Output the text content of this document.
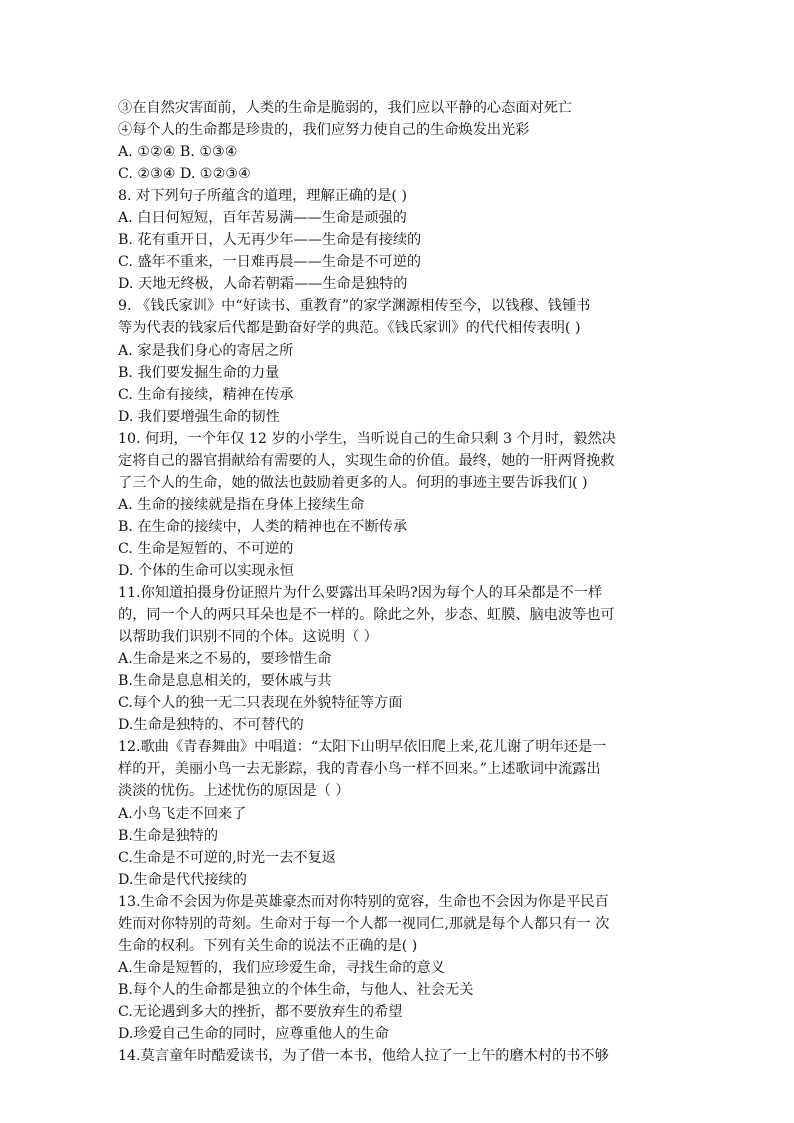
③在自然灾害面前，人类的生命是脆弱的，我们应以平静的心态面对死亡
④每个人的生命都是珍贵的，我们应努力使自己的生命焕发出光彩
A. ①②④ B. ①③④
C. ②③④ D. ①②③④
8. 对下列句子所蕴含的道理，理解正确的是( )
A. 白日何短短，百年苦易满——生命是顽强的
B. 花有重开日，人无再少年——生命是有接续的
C. 盛年不重来，一日难再晨——生命是不可逆的
D. 天地无终极，人命若朝霜——生命是独特的
9. 《钱氏家训》中“好读书、重教育”的家学渊源相传至今，以钱穆、钱锺书
等为代表的钱家后代都是勤奋好学的典范。《钱氏家训》的代代相传表明( )
A. 家是我们身心的寄居之所
B. 我们要发掘生命的力量
C. 生命有接续，精神在传承
D. 我们要增强生命的韧性
10. 何玥，一个年仅 12 岁的小学生，当听说自己的生命只剩 3 个月时，毅然决
定将自己的器官捐献给有需要的人，实现生命的价值。最终，她的一肝两肾挽救
了三个人的生命，她的做法也鼓励着更多的人。何玥的事迹主要告诉我们( )
A. 生命的接续就是指在身体上接续生命
B. 在生命的接续中，人类的精神也在不断传承
C. 生命是短暂的、不可逆的
D. 个体的生命可以实现永恒
11.你知道拍摄身份证照片为什么要露出耳朵吗?因为每个人的耳朵都是不一样
的，同一个人的两只耳朵也是不一样的。除此之外，步态、虹膜、脑电波等也可
以帮助我们识别不同的个体。这说明（ ）
A.生命是来之不易的，要珍惜生命
B.生命是息息相关的，要休戚与共
C.每个人的独一无二只表现在外貌特征等方面
D.生命是独特的、不可替代的
12.歌曲《青春舞曲》中唱道：“太阳下山明早依旧爬上来,花儿谢了明年还是一
样的开，美丽小鸟一去无影踪，我的青春小鸟一样不回来。”上述歌词中流露出
淡淡的忧伤。上述忧伤的原因是（ ）
A.小鸟飞走不回来了
B.生命是独特的
C.生命是不可逆的,时光一去不复返
D.生命是代代接续的
13.生命不会因为你是英雄豪杰而对你特别的宽容，生命也不会因为你是平民百
姓而对你特别的苛刻。生命对于每一个人都一视同仁,那就是每个人都只有一 次
生命的权利。下列有关生命的说法不正确的是( )
A.生命是短暂的，我们应珍爱生命，寻找生命的意义
B.每个人的生命都是独立的个体生命，与他人、社会无关
C.无论遇到多大的挫折，都不要放弃生的希望
D.珍爱自己生命的同时，应尊重他人的生命
14.莫言童年时酷爱读书，为了借一本书，他给人拉了一上午的磨木村的书不够
